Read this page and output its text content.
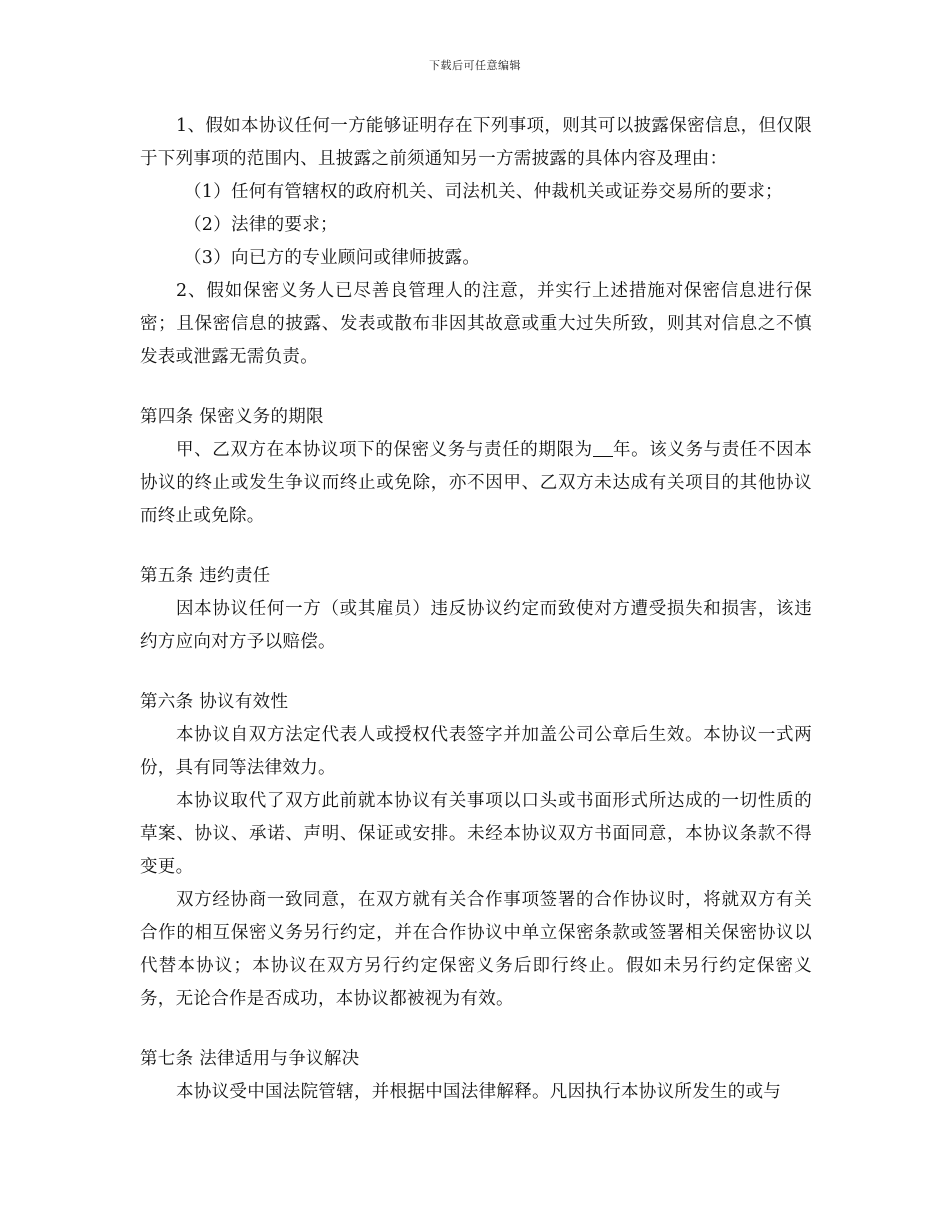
下载后可任意编辑

1、假如本协议任何一方能够证明存在下列事项，则其可以披露保密信息，但仅限于下列事项的范围内、且披露之前须通知另一方需披露的具体内容及理由：

（1）任何有管辖权的政府机关、司法机关、仲裁机关或证券交易所的要求；

（2）法律的要求；

（3）向已方的专业顾问或律师披露。

2、假如保密义务人已尽善良管理人的注意，并实行上述措施对保密信息进行保密；且保密信息的披露、发表或散布非因其故意或重大过失所致，则其对信息之不慎发表或泄露无需负责。

第四条 保密义务的期限

甲、乙双方在本协议项下的保密义务与责任的期限为 年。该义务与责任不因本协议的终止或发生争议而终止或免除，亦不因甲、乙双方未达成有关项目的其他协议而终止或免除。

第五条 违约责任

因本协议任何一方（或其雇员）违反协议约定而致使对方遭受损失和损害，该违约方应向对方予以赔偿。

第六条 协议有效性

本协议自双方法定代表人或授权代表签字并加盖公司公章后生效。本协议一式两份，具有同等法律效力。

本协议取代了双方此前就本协议有关事项以口头或书面形式所达成的一切性质的草案、协议、承诺、声明、保证或安排。未经本协议双方书面同意，本协议条款不得变更。

双方经协商一致同意，在双方就有关合作事项签署的合作协议时，将就双方有关合作的相互保密义务另行约定，并在合作协议中单立保密条款或签署相关保密协议以代替本协议；本协议在双方另行约定保密义务后即行终止。假如未另行约定保密义务，无论合作是否成功，本协议都被视为有效。

第七条 法律适用与争议解决

本协议受中国法院管辖，并根据中国法律解释。凡因执行本协议所发生的或与
